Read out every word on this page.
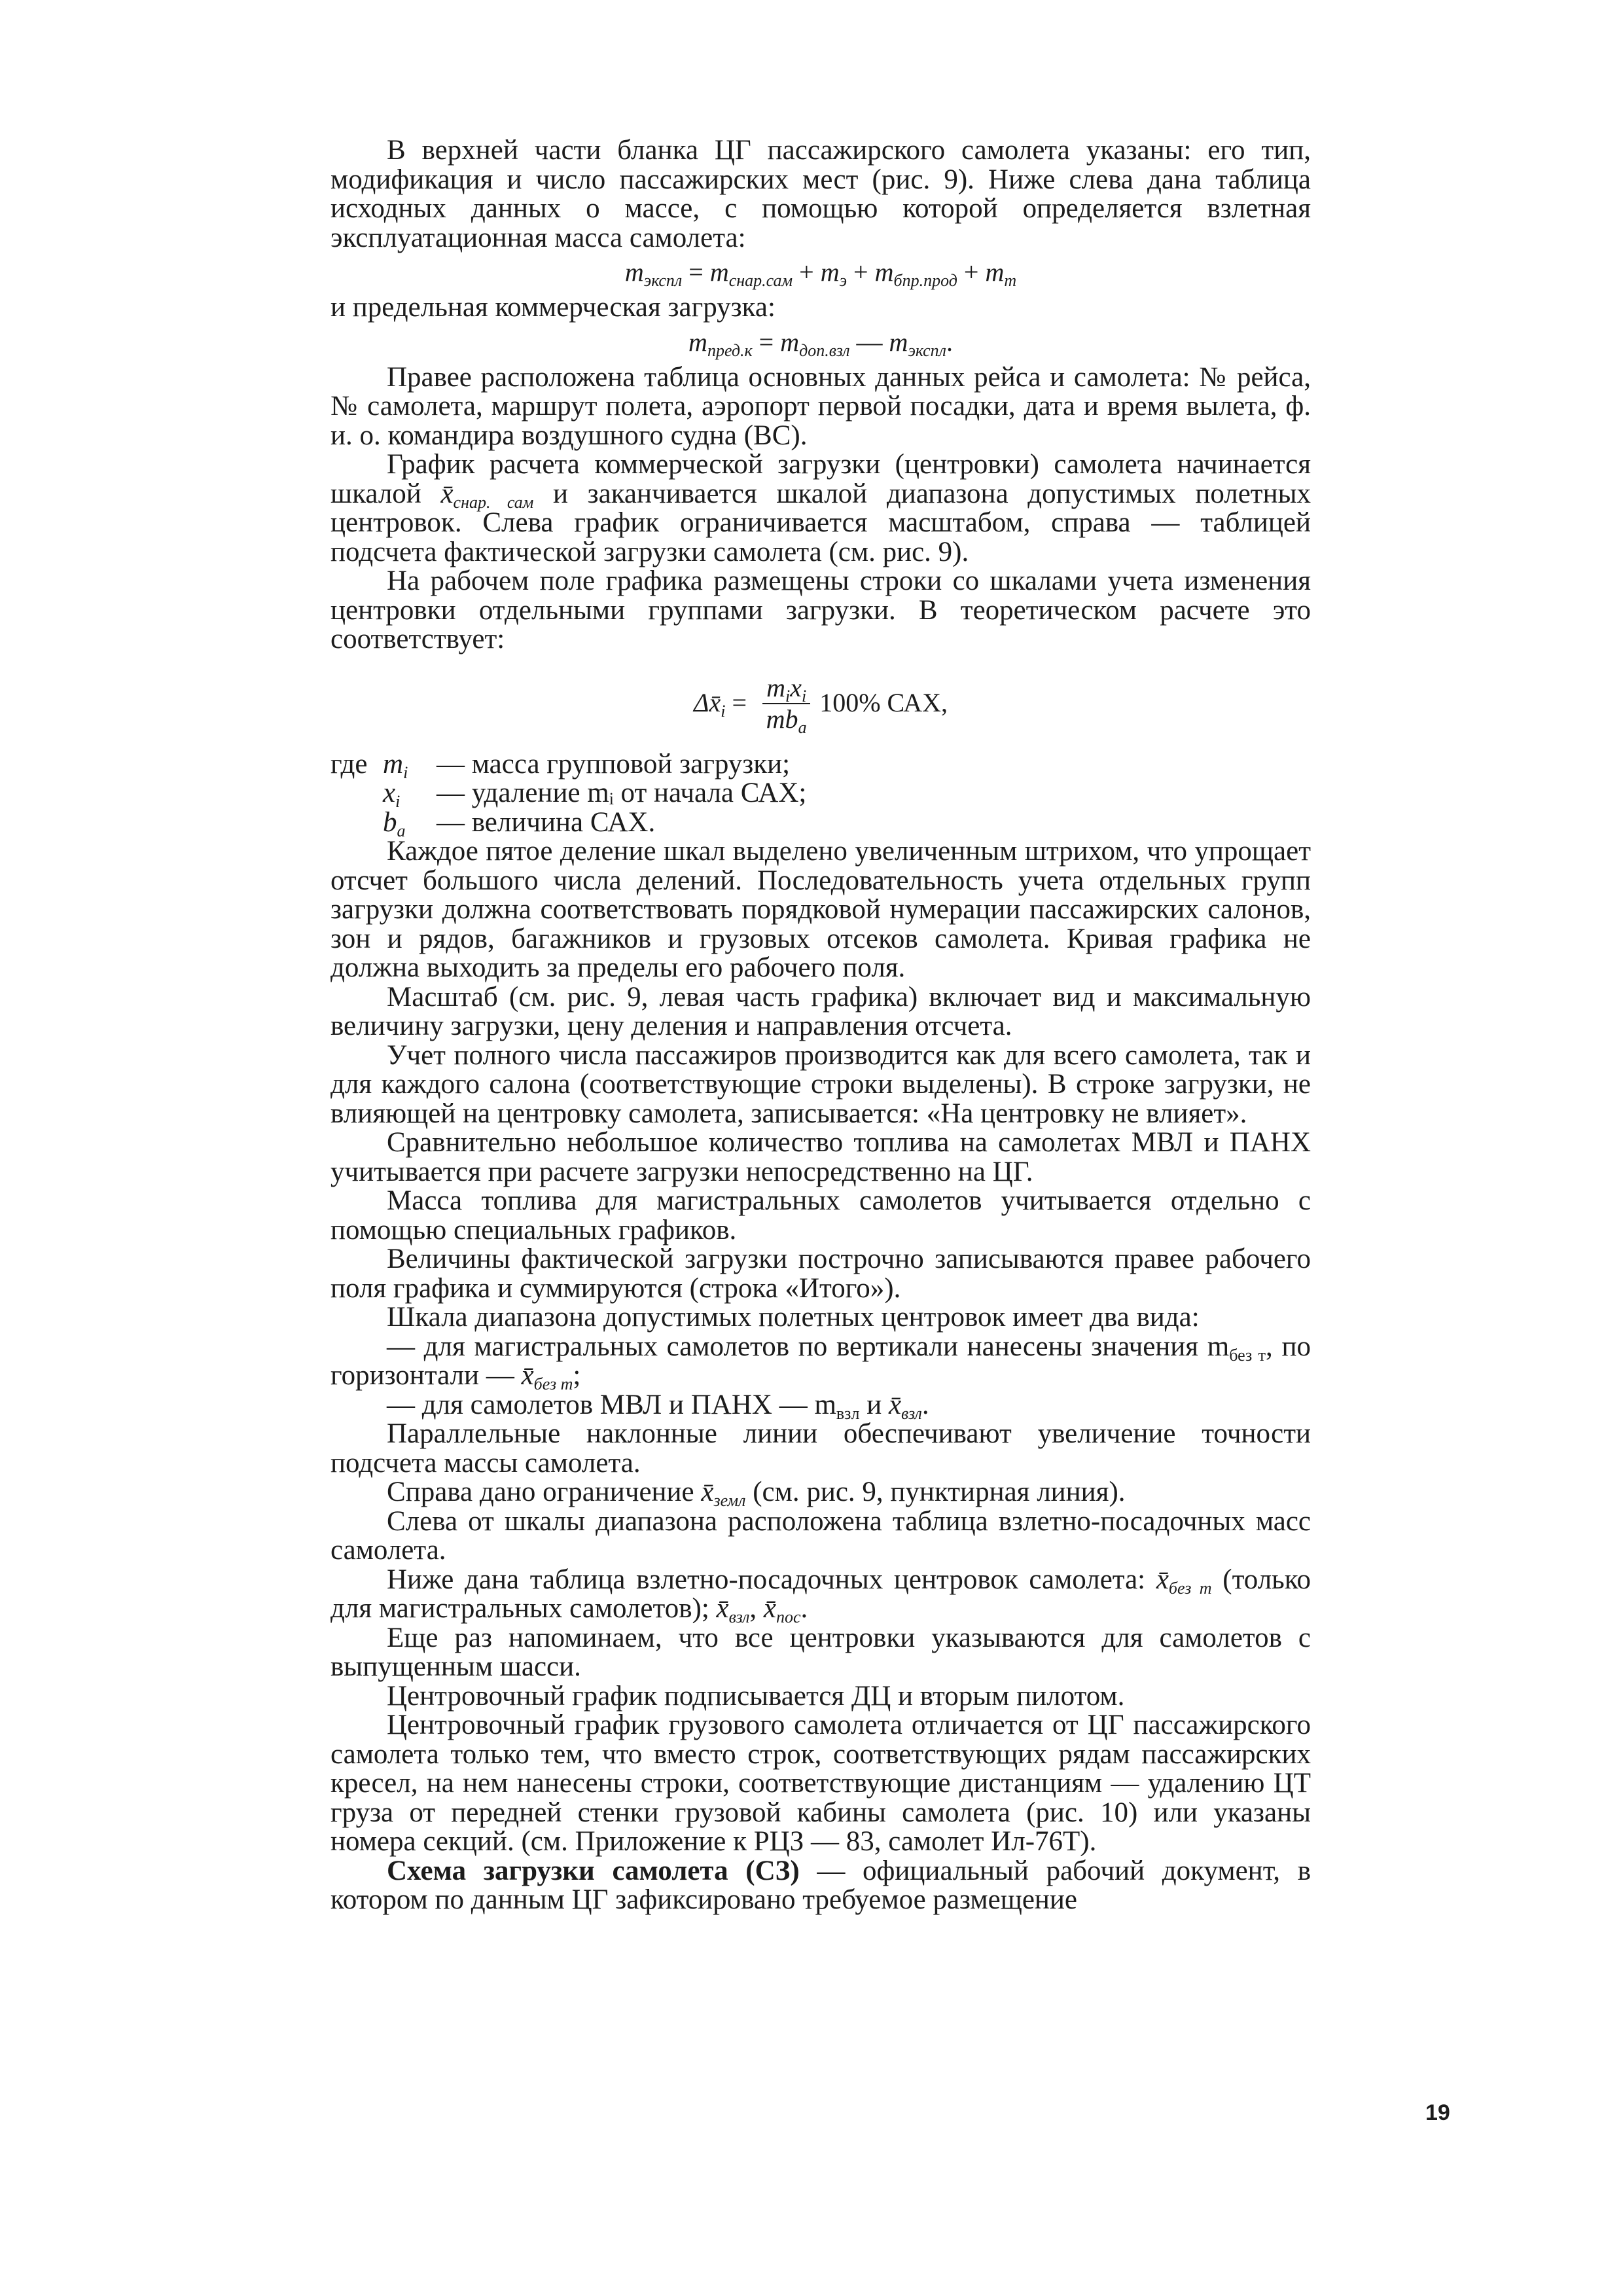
В верхней части бланка ЦГ пассажирского самолета указаны: его тип, модификация и число пассажирских мест (рис. 9). Ниже слева дана таблица исходных данных о массе, с помощью которой определяется взлетная эксплуатационная масса самолета:

$m_{экспл} = m_{снар.сам} + m_э + m_{бпр.прод} + m_т$

и предельная коммерческая загрузка:

$m_{пред.к} = m_{доп.взл}$ — $m_{экспл}$.

Правее расположена таблица основных данных рейса и самолета: № рейса, № самолета, маршрут полета, аэропорт первой посадки, дата и время вылета, ф. и. о. командира воздушного судна (ВС).

График расчета коммерческой загрузки (центровки) самолета начинается шкалой $x̄_{снар. сам}$ и заканчивается шкалой диапазона допустимых полетных центровок. Слева график ограничивается масштабом, справа — таблицей подсчета фактической загрузки самолета (см. рис. 9).

На рабочем поле графика размещены строки со шкалами учета изменения центровки отдельными группами загрузки. В теоретическом расчете это соответствует:

$\Delta x̄_i = \frac{m_ix_i}{mb_a} 100\%$ САХ,
где $m_i$	— масса групповой загрузки;
$x_i$	— удаление mᵢ от начала САХ;
$b_a$	— величина САХ.

Каждое пятое деление шкал выделено увеличенным штрихом, что упрощает отсчет большого числа делений. Последовательность учета отдельных групп загрузки должна соответствовать порядковой нумерации пассажирских салонов, зон и рядов, багажников и грузовых отсеков самолета. Кривая графика не должна выходить за пределы его рабочего поля.

Масштаб (см. рис. 9, левая часть графика) включает вид и максимальную величину загрузки, цену деления и направления отсчета.

Учет полного числа пассажиров производится как для всего самолета, так и для каждого салона (соответствующие строки выделены). В строке загрузки, не влияющей на центровку самолета, записывается: «На центровку не влияет».

Сравнительно небольшое количество топлива на самолетах МВЛ и ПАНХ учитывается при расчете загрузки непосредственно на ЦГ.

Масса топлива для магистральных самолетов учитывается отдельно с помощью специальных графиков.

Величины фактической загрузки построчно записываются правее рабочего поля графика и суммируются (строка «Итого»).

Шкала диапазона допустимых полетных центровок имеет два вида:

— для магистральных самолетов по вертикали нанесены значения $m_{без т}$, по горизонтали — $x̄_{без т}$;

— для самолетов МВЛ и ПАНХ — $m_{взл}$ и $x̄_{взл}$.

Параллельные наклонные линии обеспечивают увеличение точности подсчета массы самолета.

Справа дано ограничение $x̄_{земл}$ (см. рис. 9, пунктирная линия).

Слева от шкалы диапазона расположена таблица взлетно-посадочных масс самолета.

Ниже дана таблица взлетно-посадочных центровок самолета: $x̄_{без т}$ (только для магистральных самолетов); $x̄_{взл}$, $x̄_{пос}$.

Еще раз напоминаем, что все центровки указываются для самолетов с выпущенным шасси.

Центровочный график подписывается ДЦ и вторым пилотом.

Центровочный график грузового самолета отличается от ЦГ пассажирского самолета только тем, что вместо строк, соответствующих рядам пассажирских кресел, на нем нанесены строки, соответствующие дистанциям — удалению ЦТ груза от передней стенки грузовой кабины самолета (рис. 10) или указаны номера секций. (см. Приложение к РЦЗ — 83, самолет Ил-76Т).

Схема загрузки самолета (СЗ) — официальный рабочий документ, в котором по данным ЦГ зафиксировано требуемое размещение

19
